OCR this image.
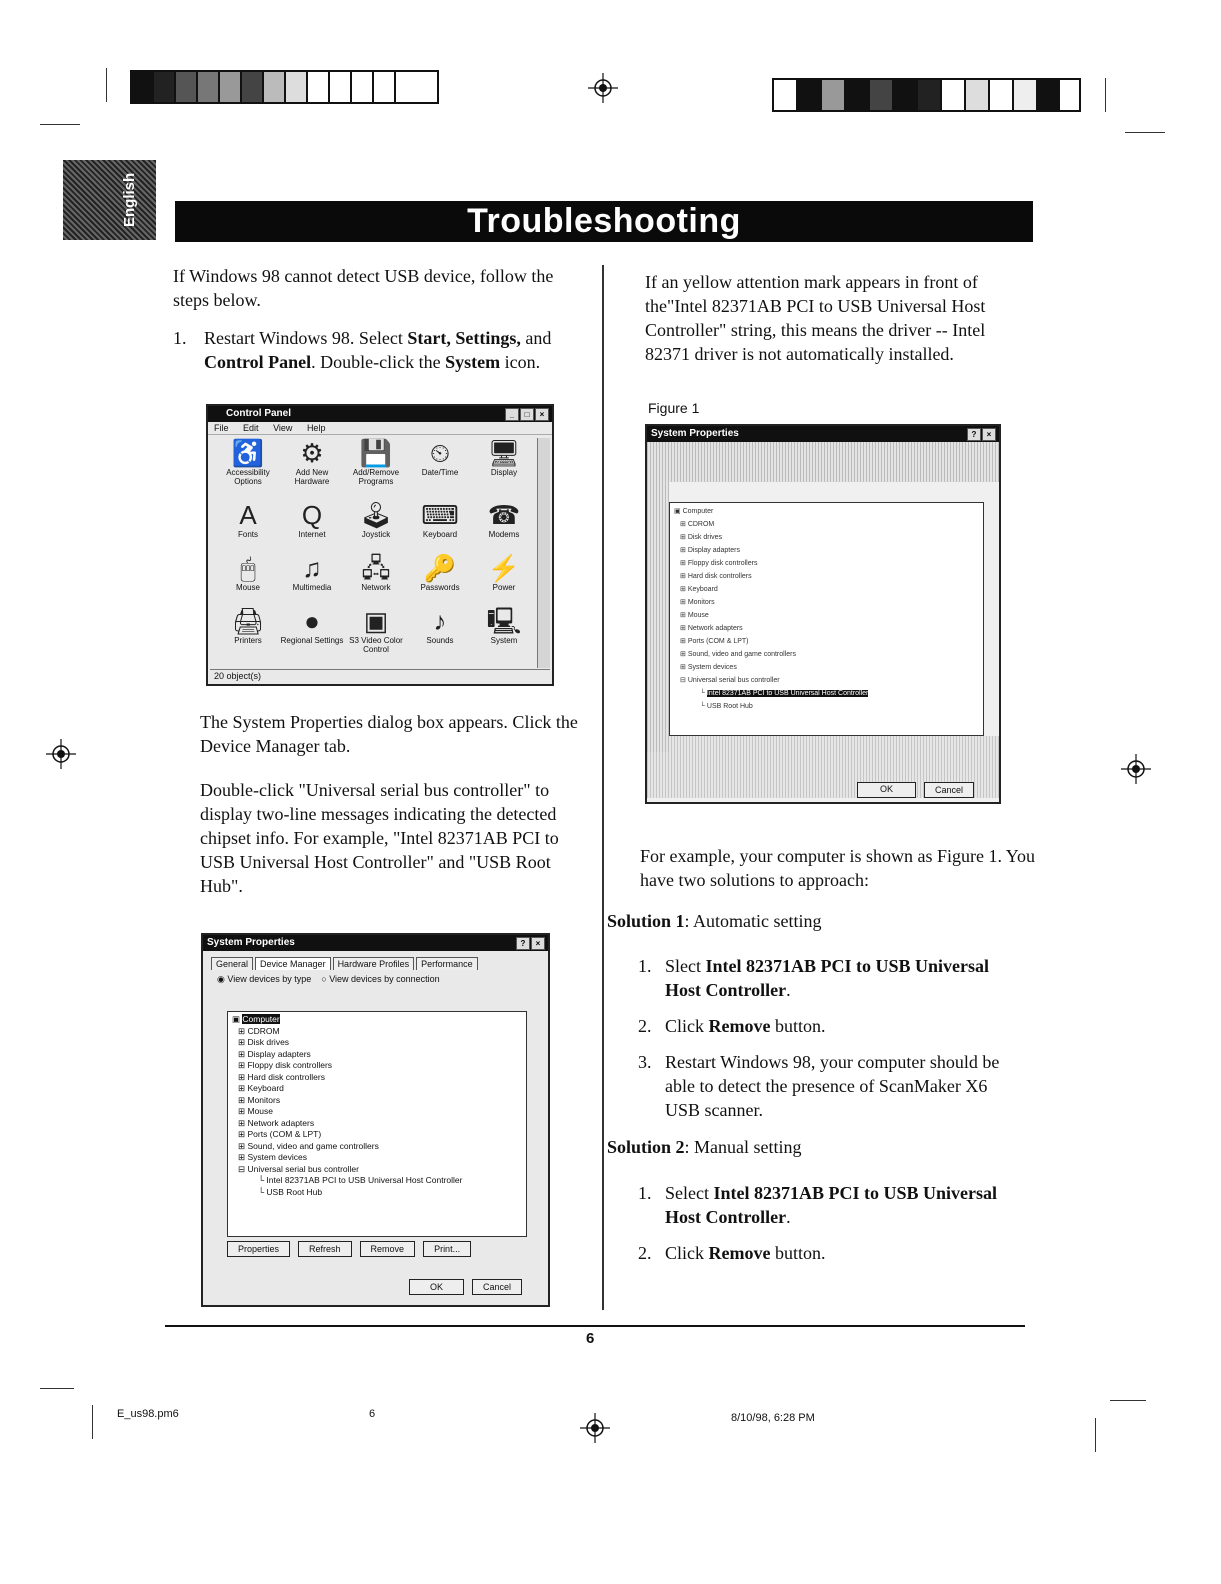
English	Troubleshooting

If Windows 98 cannot detect USB device, follow the steps below.

1. Restart Windows 98. Select Start, Settings, and Control Panel. Double-click the System icon.

Control Panel	_	□	×
File Edit View Help
♿
Accessibility Options
⚙
Add New Hardware
💾
Add/Remove Programs
⏲
Date/Time
🖥
Display
A
Fonts
Q
Internet
🕹
Joystick
⌨
Keyboard
☎
Modems
🖱
Mouse
♫
Multimedia
🖧
Network
🔑
Passwords
⚡
Power
🖨
Printers
●
Regional Settings
▣
S3 Video Color Control
♪
Sounds
🖳
System
20 object(s)

The System Properties dialog box appears. Click the Device Manager tab.

Double-click "Universal serial bus controller" to display two-line messages indicating the detected chipset info. For example, "Intel 82371AB PCI to USB Universal Host Controller" and "USB Root Hub".

System Properties	?	×
General	Device Manager	Hardware Profiles	Performance
◉ View devices by type ○ View devices by connection
▣ Computer
⊞ CDROM
⊞ Disk drives
⊞ Display adapters
⊞ Floppy disk controllers
⊞ Hard disk controllers
⊞ Keyboard
⊞ Monitors
⊞ Mouse
⊞ Network adapters
⊞ Ports (COM & LPT)
⊞ Sound, video and game controllers
⊞ System devices
⊟ Universal serial bus controller
└ Intel 82371AB PCI to USB Universal Host Controller
└ USB Root Hub
Properties	Refresh	Remove	Print...
OK	Cancel

If an yellow attention mark appears in front of the"Intel 82371AB PCI to USB Universal Host Controller" string, this means the driver -- Intel 82371 driver is not automatically installed.

Figure 1
System Properties	?	×
▣ Computer
⊞ CDROM
⊞ Disk drives
⊞ Display adapters
⊞ Floppy disk controllers
⊞ Hard disk controllers
⊞ Keyboard
⊞ Monitors
⊞ Mouse
⊞ Network adapters
⊞ Ports (COM & LPT)
⊞ Sound, video and game controllers
⊞ System devices
⊟ Universal serial bus controller
└ Intel 82371AB PCI to USB Universal Host Controller
└ USB Root Hub
OK	Cancel

For example, your computer is shown as Figure 1. You have two solutions to approach:

Solution 1: Automatic setting

1. Slect Intel 82371AB PCI to USB Universal Host Controller.

2. Click Remove button.

3. Restart Windows 98, your computer should be able to detect the presence of ScanMaker X6 USB scanner.

Solution 2: Manual setting

1. Select Intel 82371AB PCI to USB Universal Host Controller.

2. Click Remove button.

6
E_us98.pm6	6	8/10/98, 6:28 PM
